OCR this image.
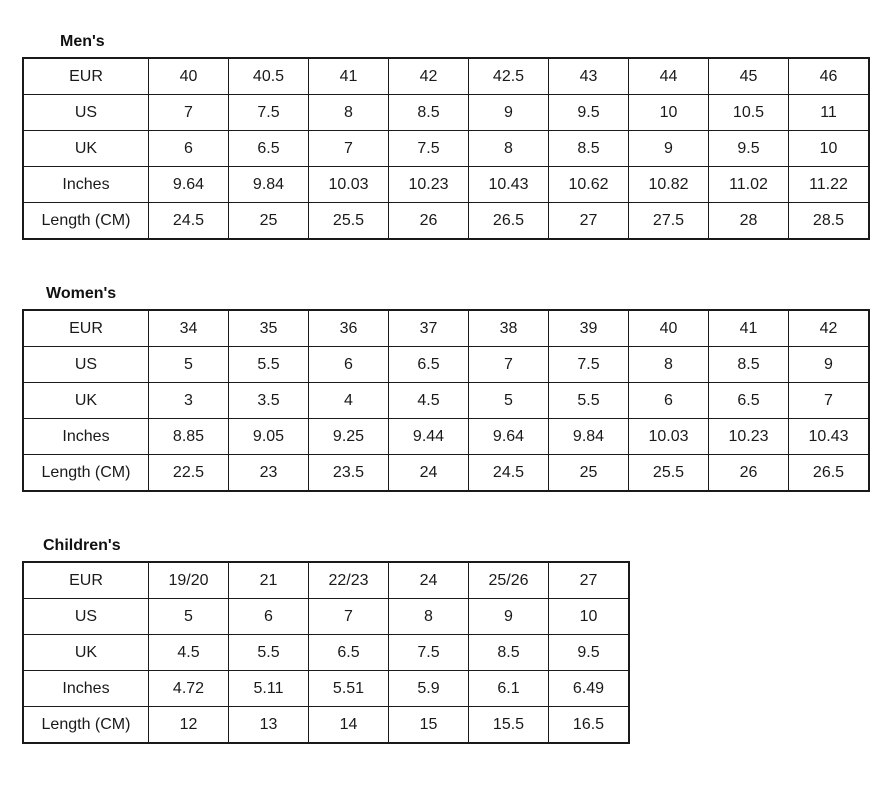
Men's
EUR	40	40.5	41	42	42.5	43	44	45	46
US	7	7.5	8	8.5	9	9.5	10	10.5	11
UK	6	6.5	7	7.5	8	8.5	9	9.5	10
Inches	9.64	9.84	10.03	10.23	10.43	10.62	10.82	11.02	11.22
Length (CM)	24.5	25	25.5	26	26.5	27	27.5	28	28.5
Women's
EUR	34	35	36	37	38	39	40	41	42
US	5	5.5	6	6.5	7	7.5	8	8.5	9
UK	3	3.5	4	4.5	5	5.5	6	6.5	7
Inches	8.85	9.05	9.25	9.44	9.64	9.84	10.03	10.23	10.43
Length (CM)	22.5	23	23.5	24	24.5	25	25.5	26	26.5
Children's
EUR	19/20	21	22/23	24	25/26	27
US	5	6	7	8	9	10
UK	4.5	5.5	6.5	7.5	8.5	9.5
Inches	4.72	5.11	5.51	5.9	6.1	6.49
Length (CM)	12	13	14	15	15.5	16.5
